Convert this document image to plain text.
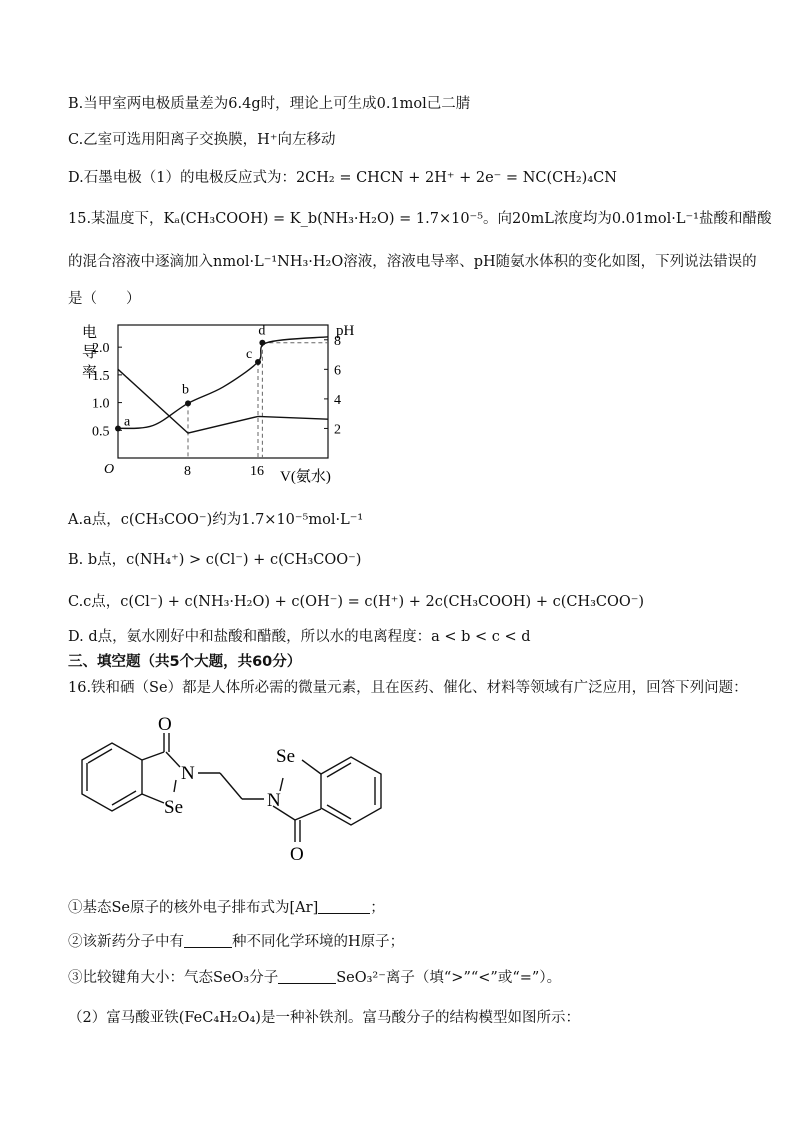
B.当甲室两电极质量差为6.4g时，理论上可生成0.1mol己二腈
C.乙室可选用阳离子交换膜，H⁺向左移动
D.石墨电极（1）的电极反应式为：2CH₂ = CHCN + 2H⁺ + 2e⁻ = NC(CH₂)₄CN
15.某温度下，Kₐ(CH₃COOH) = K_b(NH₃·H₂O) = 1.7×10⁻⁵。向20mL浓度均为0.01mol·L⁻¹盐酸和醋酸
的混合溶液中逐滴加入nmol·L⁻¹NH₃·H₂O溶液，溶液电导率、pH随氨水体积的变化如图，下列说法错误的
是（　　）
电
导
率
pH
O	V(氨水)
0.5
1.0
1.5
2.0
2
4
6
8
8	16
a
b
c
d
A.a点，c(CH₃COO⁻)约为1.7×10⁻⁵mol·L⁻¹
B. b点，c(NH₄⁺) > c(Cl⁻) + c(CH₃COO⁻)
C.c点，c(Cl⁻) + c(NH₃·H₂O) + c(OH⁻) = c(H⁺) + 2c(CH₃COOH) + c(CH₃COO⁻)
D. d点，氨水刚好中和盐酸和醋酸，所以水的电离程度：a < b < c < d
三、填空题（共5个大题，共60分）
16.铁和硒（Se）都是人体所必需的微量元素，且在医药、催化、材料等领域有广泛应用，回答下列问题：
O
N
Se
Se
N
O
①基态Se原子的核外电子排布式为[Ar]	；
②该新药分子中有	种不同化学环境的H原子；
③比较键角大小：气态SeO₃分子	SeO₃²⁻离子（填“>”“<”或“=”）。
（2）富马酸亚铁(FeC₄H₂O₄)是一种补铁剂。富马酸分子的结构模型如图所示：
